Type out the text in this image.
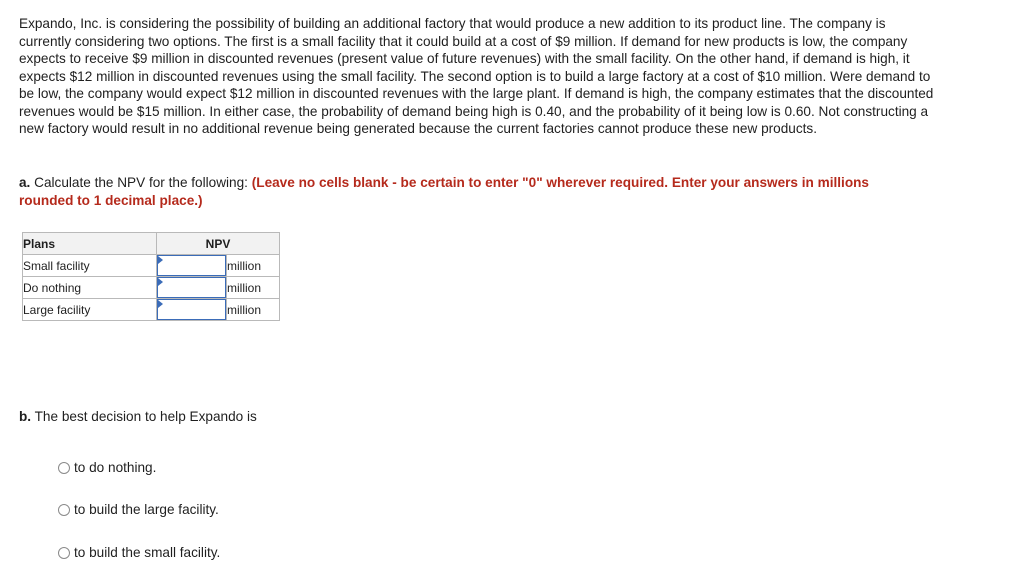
Expando, Inc. is considering the possibility of building an additional factory that would produce a new addition to its product line. The company is currently considering two options. The first is a small facility that it could build at a cost of $9 million. If demand for new products is low, the company expects to receive $9 million in discounted revenues (present value of future revenues) with the small facility. On the other hand, if demand is high, it expects $12 million in discounted revenues using the small facility. The second option is to build a large factory at a cost of $10 million. Were demand to be low, the company would expect $12 million in discounted revenues with the large plant. If demand is high, the company estimates that the discounted revenues would be $15 million. In either case, the probability of demand being high is 0.40, and the probability of it being low is 0.60. Not constructing a new factory would result in no additional revenue being generated because the current factories cannot produce these new products.

a. Calculate the NPV for the following: (Leave no cells blank - be certain to enter "0" wherever required. Enter your answers in millions rounded to 1 decimal place.)

Plans	NPV	
Small facility		million
Do nothing		million
Large facility		million

b. The best decision to help Expando is

to do nothing.
to build the large facility.
to build the small facility.
